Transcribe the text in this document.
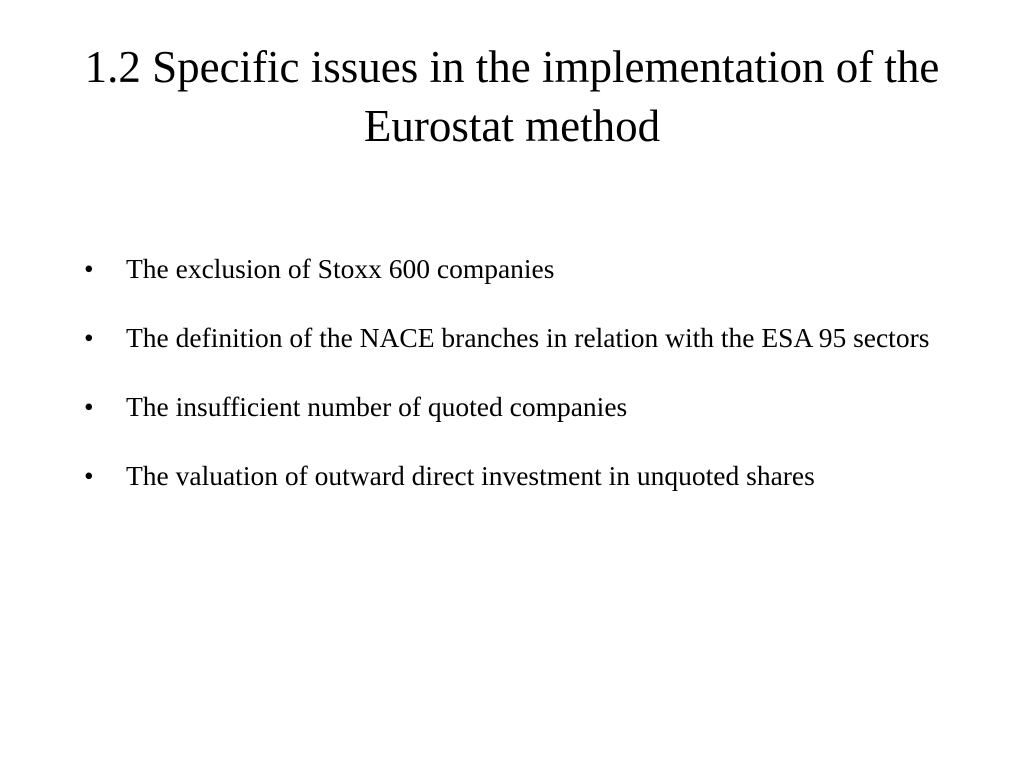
1.2 Specific issues in the implementation of the Eurostat method
•	The exclusion of Stoxx 600 companies
•	The definition of the NACE branches in relation with the ESA 95 sectors
•	The insufficient number of quoted companies
•	The valuation of outward direct investment in unquoted shares
